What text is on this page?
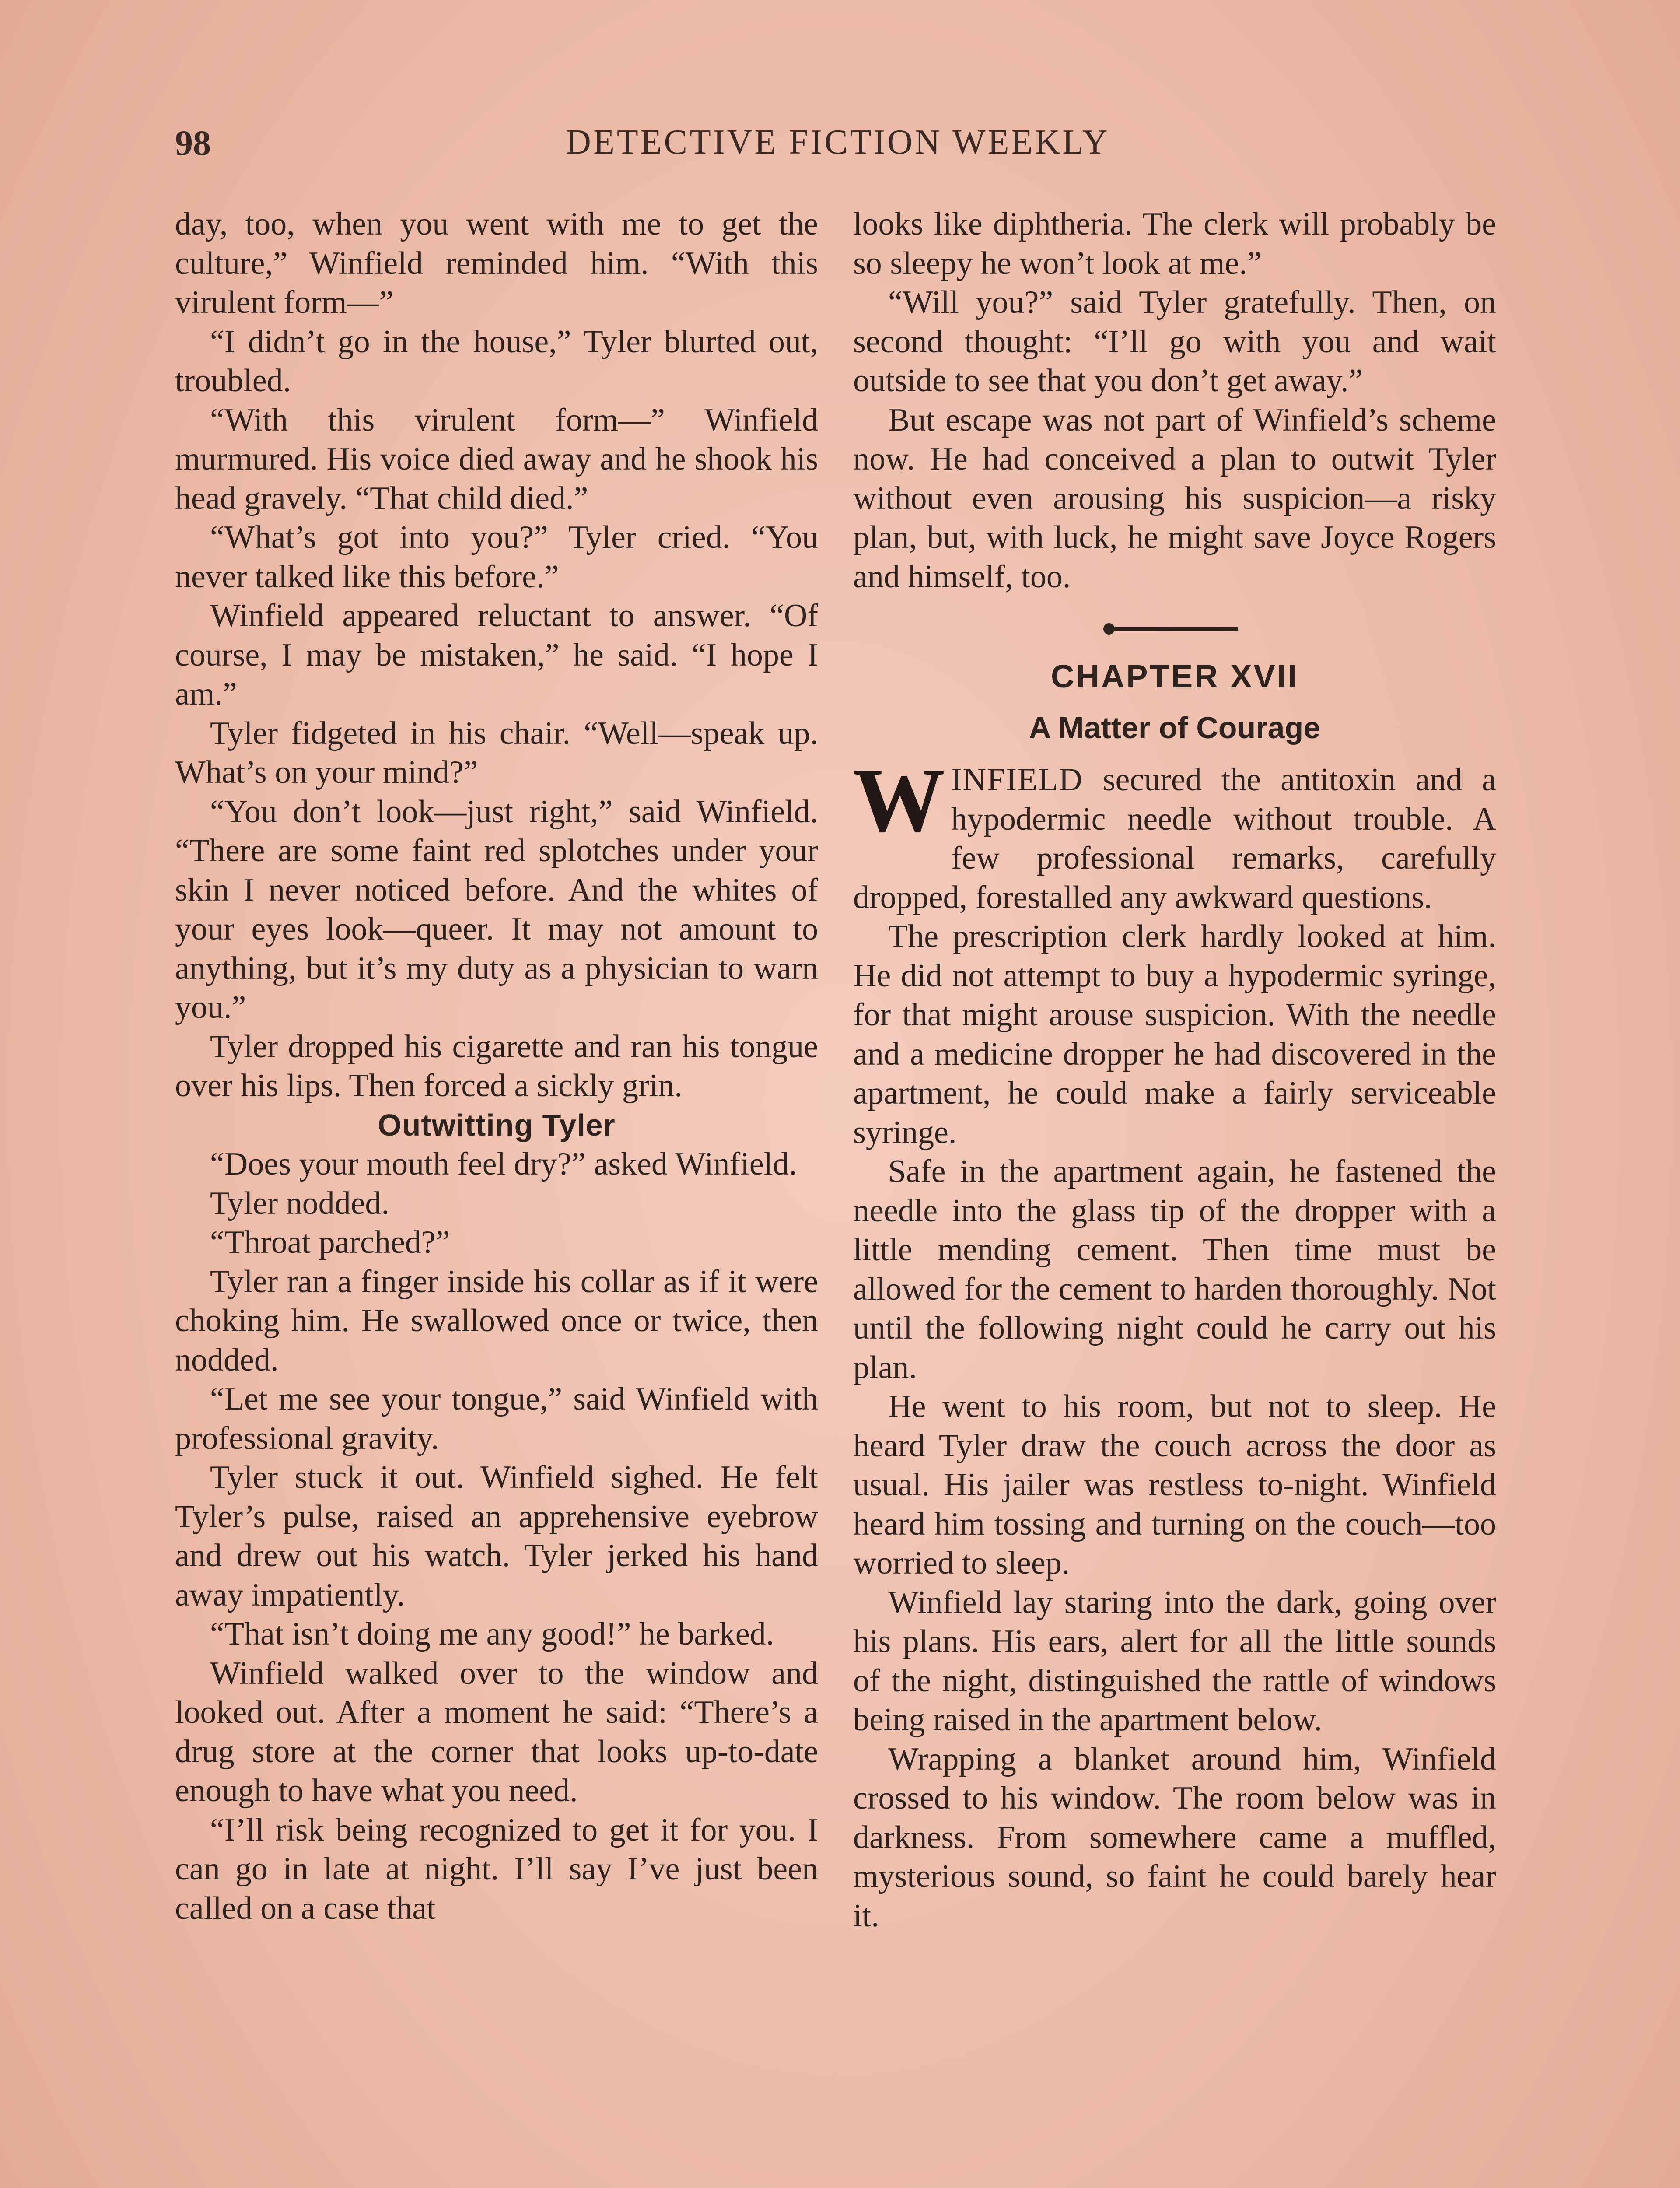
98	DETECTIVE FICTION WEEKLY

day, too, when you went with me to get the culture,” Winfield reminded him. “With this virulent form—”

“I didn’t go in the house,” Tyler blurted out, troubled.

“With this virulent form—” Winfield murmured. His voice died away and he shook his head gravely. “That child died.”

“What’s got into you?” Tyler cried. “You never talked like this before.”

Winfield appeared reluctant to answer. “Of course, I may be mistaken,” he said. “I hope I am.”

Tyler fidgeted in his chair. “Well—speak up. What’s on your mind?”

“You don’t look—just right,” said Winfield. “There are some faint red splotches under your skin I never noticed before. And the whites of your eyes look—queer. It may not amount to anything, but it’s my duty as a physician to warn you.”

Tyler dropped his cigarette and ran his tongue over his lips. Then forced a sickly grin.

Outwitting Tyler

“Does your mouth feel dry?” asked Winfield.

Tyler nodded.

“Throat parched?”

Tyler ran a finger inside his collar as if it were choking him. He swallowed once or twice, then nodded.

“Let me see your tongue,” said Winfield with professional gravity.

Tyler stuck it out. Winfield sighed. He felt Tyler’s pulse, raised an apprehensive eyebrow and drew out his watch. Tyler jerked his hand away impatiently.

“That isn’t doing me any good!” he barked.

Winfield walked over to the window and looked out. After a moment he said: “There’s a drug store at the corner that looks up-to-date enough to have what you need.

“I’ll risk being recognized to get it for you. I can go in late at night. I’ll say I’ve just been called on a case that

looks like diphtheria. The clerk will probably be so sleepy he won’t look at me.”

“Will you?” said Tyler gratefully. Then, on second thought: “I’ll go with you and wait outside to see that you don’t get away.”

But escape was not part of Winfield’s scheme now. He had conceived a plan to outwit Tyler without even arousing his suspicion—a risky plan, but, with luck, he might save Joyce Rogers and himself, too.

CHAPTER XVII
A Matter of Courage

WINFIELD secured the antitoxin and a hypodermic needle without trouble. A few professional remarks, carefully dropped, forestalled any awkward questions.

The prescription clerk hardly looked at him. He did not attempt to buy a hypodermic syringe, for that might arouse suspicion. With the needle and a medicine dropper he had discovered in the apartment, he could make a fairly serviceable syringe.

Safe in the apartment again, he fastened the needle into the glass tip of the dropper with a little mending cement. Then time must be allowed for the cement to harden thoroughly. Not until the following night could he carry out his plan.

He went to his room, but not to sleep. He heard Tyler draw the couch across the door as usual. His jailer was restless to-night. Winfield heard him tossing and turning on the couch—too worried to sleep.

Winfield lay staring into the dark, going over his plans. His ears, alert for all the little sounds of the night, distinguished the rattle of windows being raised in the apartment below.

Wrapping a blanket around him, Winfield crossed to his window. The room below was in darkness. From somewhere came a muffled, mysterious sound, so faint he could barely hear it.
